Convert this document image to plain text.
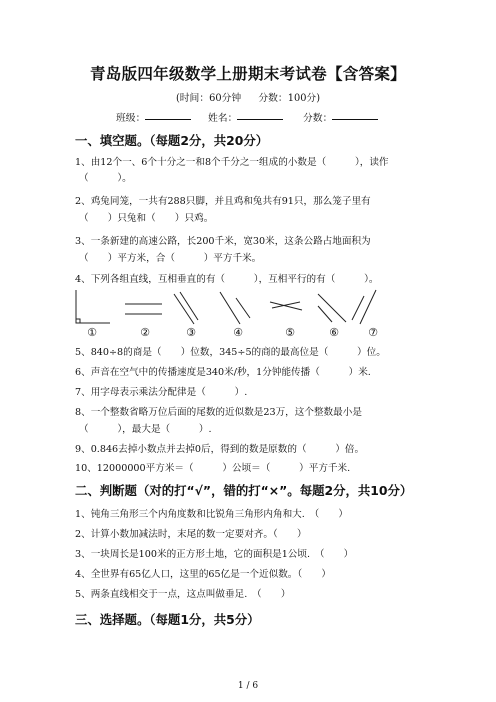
青岛版四年级数学上册期末考试卷【含答案】
(时间：60分钟 分数：100分)
班级：	姓名：	分数：
一、填空题。（每题2分，共20分）
1、由12个一、6个十分之一和8个千分之一组成的小数是（　　　），读作
（　　　）。
2、鸡兔同笼，一共有288只脚，并且鸡和兔共有91只，那么笼子里有
（　　）只兔和（　　）只鸡。
3、一条新建的高速公路，长200千米，宽30米，这条公路占地面积为
（　　）平方米，合（　　　）平方千米。
4、下列各组直线，互相垂直的有（　　　），互相平行的有（　　　）。
①	②	③	④	⑤	⑥	⑦
5、840÷8的商是（　　）位数，345÷5的商的最高位是（　　　）位。
6、声音在空气中的传播速度是340米/秒，1分钟能传播（　　　）米.
7、用字母表示乘法分配律是（　　　）.
8、一个整数省略万位后面的尾数的近似数是23万，这个整数最小是
（　　　），最大是（　　　）.
9、0.846去掉小数点并去掉0后，得到的数是原数的（　　　）倍。
10、12000000平方米＝（　　　）公顷＝（　　　）平方千米.
二、判断题（对的打“√”，错的打“×”。每题2分，共10分）
1、钝角三角形三个内角度数和比锐角三角形内角和大.　（　　）
2、计算小数加减法时，末尾的数一定要对齐。（　　）
3、一块周长是100米的正方形土地，它的面积是1公顷.　（　　）
4、全世界有65亿人口，这里的65亿是一个近似数。（　　）
5、两条直线相交于一点，这点叫做垂足.　（　　）
三、选择题。（每题1分，共5分）
1 / 6
